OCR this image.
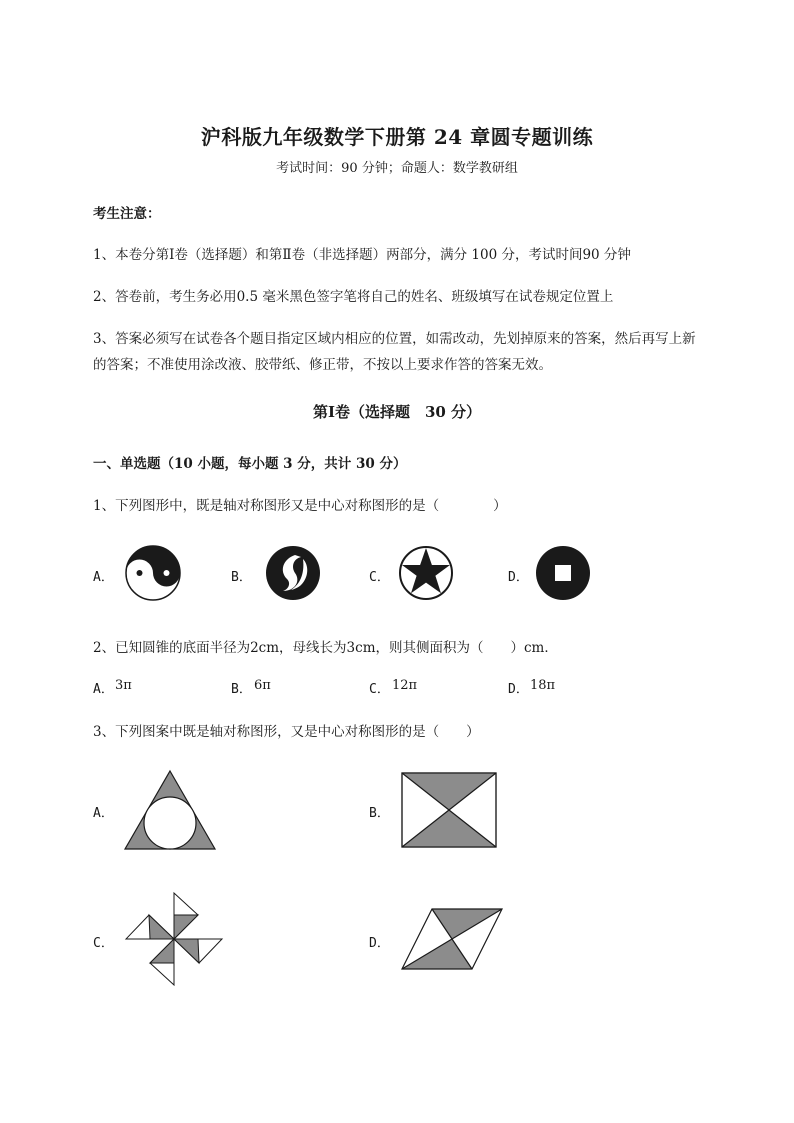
沪科版九年级数学下册第 24 章圆专题训练
考试时间：90 分钟；命题人：数学教研组
考生注意：
1、本卷分第Ⅰ卷（选择题）和第Ⅱ卷（非选择题）两部分，满分 100 分，考试时间90 分钟
2、答卷前，考生务必用0.5 毫米黑色签字笔将自己的姓名、班级填写在试卷规定位置上
3、答案必须写在试卷各个题目指定区域内相应的位置，如需改动，先划掉原来的答案，然后再写上新
的答案；不准使用涂改液、胶带纸、修正带，不按以上要求作答的答案无效。
第Ⅰ卷（选择题　30 分）
一、单选题（10 小题，每小题 3 分，共计 30 分）
1、下列图形中，既是轴对称图形又是中心对称图形的是（　　　　）
A．	B．	C．	D．
2、已知圆锥的底面半径为2cm，母线长为3cm，则其侧面积为（　　）cm．
A． 3π	B． 6π	C． 12π	D． 18π
3、下列图案中既是轴对称图形，又是中心对称图形的是（　　）
A．	B．
C．	D．
